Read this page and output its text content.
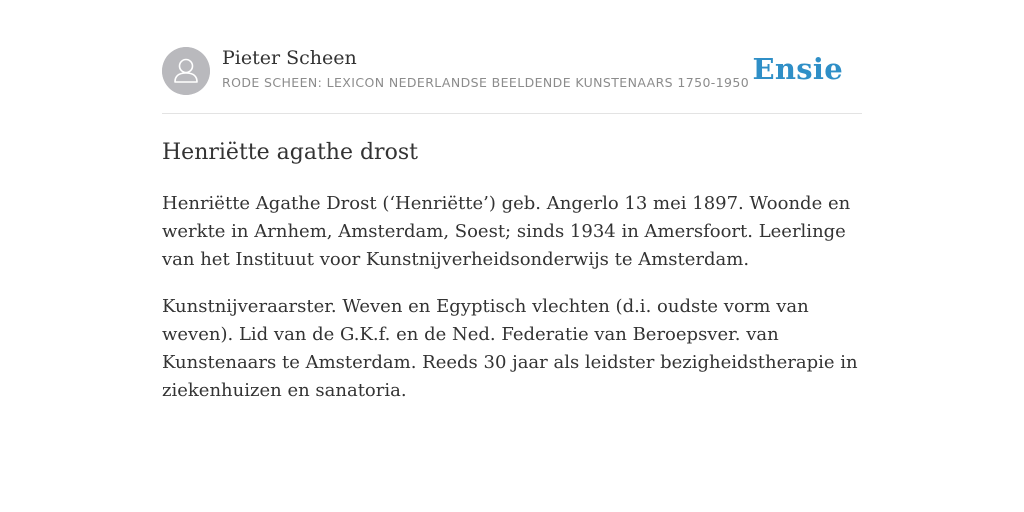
Pieter Scheen
RODE SCHEEN: LEXICON NEDERLANDSE BEELDENDE KUNSTENAARS 1750-1950 Ensie
Henriëtte agathe drost

Henriëtte Agathe Drost (‘Henriëtte’) geb. Angerlo 13 mei 1897. Woonde en werkte in Arnhem, Amsterdam, Soest; sinds 1934 in Amersfoort. Leerlinge van het Instituut voor Kunstnijverheidsonderwijs te Amsterdam.

Kunstnijveraarster. Weven en Egyptisch vlechten (d.i. oudste vorm van weven). Lid van de G.K.f. en de Ned. Federatie van Beroepsver. van Kunstenaars te Amsterdam. Reeds 30 jaar als leidster bezigheidstherapie in ziekenhuizen en sanatoria.
